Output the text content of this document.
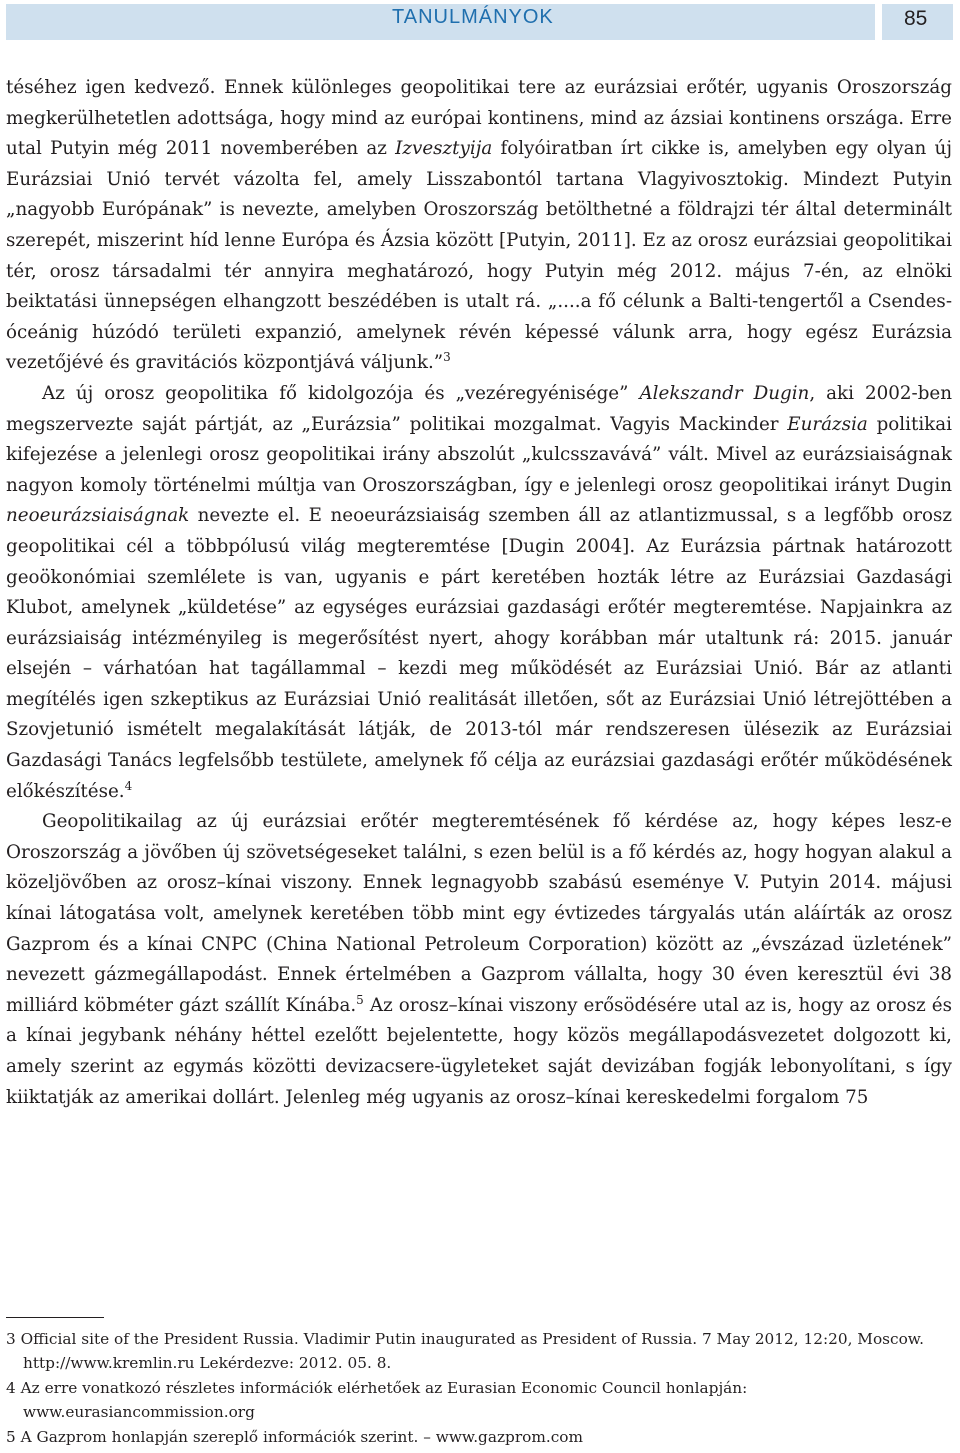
TANULMÁNYOK	85

téséhez igen kedvező. Ennek különleges geopolitikai tere az eurázsiai erőtér, ugyanis Oroszország megkerülhetetlen adottsága, hogy mind az európai kontinens, mind az ázsiai kontinens országa. Erre utal Putyin még 2011 novemberében az Izvesztyija folyóiratban írt cikke is, amelyben egy olyan új Eurázsiai Unió tervét vázolta fel, amely Lisszabontól tartana Vlagyivosztokig. Mindezt Putyin „nagyobb Európának” is nevezte, amelyben Oroszország betölthetné a földrajzi tér által determinált szerepét, miszerint híd lenne Európa és Ázsia között [Putyin, 2011]. Ez az orosz eurázsiai geopolitikai tér, orosz társadalmi tér annyira meghatározó, hogy Putyin még 2012. május 7-én, az elnöki beiktatási ünnepségen elhangzott beszédében is utalt rá. „....a fő célunk a Balti-tengertől a Csendes-óceánig húzódó területi expanzió, amelynek révén képessé válunk arra, hogy egész Eurázsia vezetőjévé és gravitációs központjává váljunk.”$^3$

Az új orosz geopolitika fő kidolgozója és „vezéregyénisége” Alekszandr Dugin, aki 2002-ben megszervezte saját pártját, az „Eurázsia” politikai mozgalmat. Vagyis Mackinder Eurázsia politikai kifejezése a jelenlegi orosz geopolitikai irány abszolút „kulcsszavává” vált. Mivel az eurázsiaiságnak nagyon komoly történelmi múltja van Oroszországban, így e jelenlegi orosz geopolitikai irányt Dugin neoeurázsiaiságnak nevezte el. E neoeurázsiaiság szemben áll az atlantizmussal, s a legfőbb orosz geopolitikai cél a többpólusú világ megteremtése [Dugin 2004]. Az Eurázsia pártnak határozott geoökonómiai szemlélete is van, ugyanis e párt keretében hozták létre az Eurázsiai Gazdasági Klubot, amelynek „küldetése” az egységes eurázsiai gazdasági erőtér megteremtése. Napjainkra az eurázsiaiság intézményileg is megerősítést nyert, ahogy korábban már utaltunk rá: 2015. január elsején – várhatóan hat tagállammal – kezdi meg működését az Eurázsiai Unió. Bár az atlanti megítélés igen szkeptikus az Eurázsiai Unió realitását illetően, sőt az Eurázsiai Unió létrejöttében a Szovjetunió ismételt megalakítását látják, de 2013-tól már rendszeresen ülésezik az Eurázsiai Gazdasági Tanács legfelsőbb testülete, amelynek fő célja az eurázsiai gazdasági erőtér működésének előkészítése.$^4$

Geopolitikailag az új eurázsiai erőtér megteremtésének fő kérdése az, hogy képes lesz-e Oroszország a jövőben új szövetségeseket találni, s ezen belül is a fő kérdés az, hogy hogyan alakul a közeljövőben az orosz–kínai viszony. Ennek legnagyobb szabású eseménye V. Putyin 2014. májusi kínai látogatása volt, amelynek keretében több mint egy évtizedes tárgyalás után aláírták az orosz Gazprom és a kínai CNPC (China National Petroleum Corporation) között az „évszázad üzletének” nevezett gázmegállapodást. Ennek értelmében a Gazprom vállalta, hogy 30 éven keresztül évi 38 milliárd köbméter gázt szállít Kínába.$^5$ Az orosz–kínai viszony erősödésére utal az is, hogy az orosz és a kínai jegybank néhány héttel ezelőtt bejelentette, hogy közös megállapodásvezetet dolgozott ki, amely szerint az egymás közötti devizacsere-ügyleteket saját devizában fogják lebonyolítani, s így kiiktatják az amerikai dollárt. Jelenleg még ugyanis az orosz–kínai kereskedelmi forgalom 75

3 Official site of the President Russia. Vladimir Putin inaugurated as President of Russia. 7 May 2012, 12:20, Moscow. http://www.kremlin.ru Lekérdezve: 2012. 05. 8.
4 Az erre vonatkozó részletes információk elérhetőek az Eurasian Economic Council honlapján: www.eurasiancommission.org
5 A Gazprom honlapján szereplő információk szerint. – www.gazprom.com
